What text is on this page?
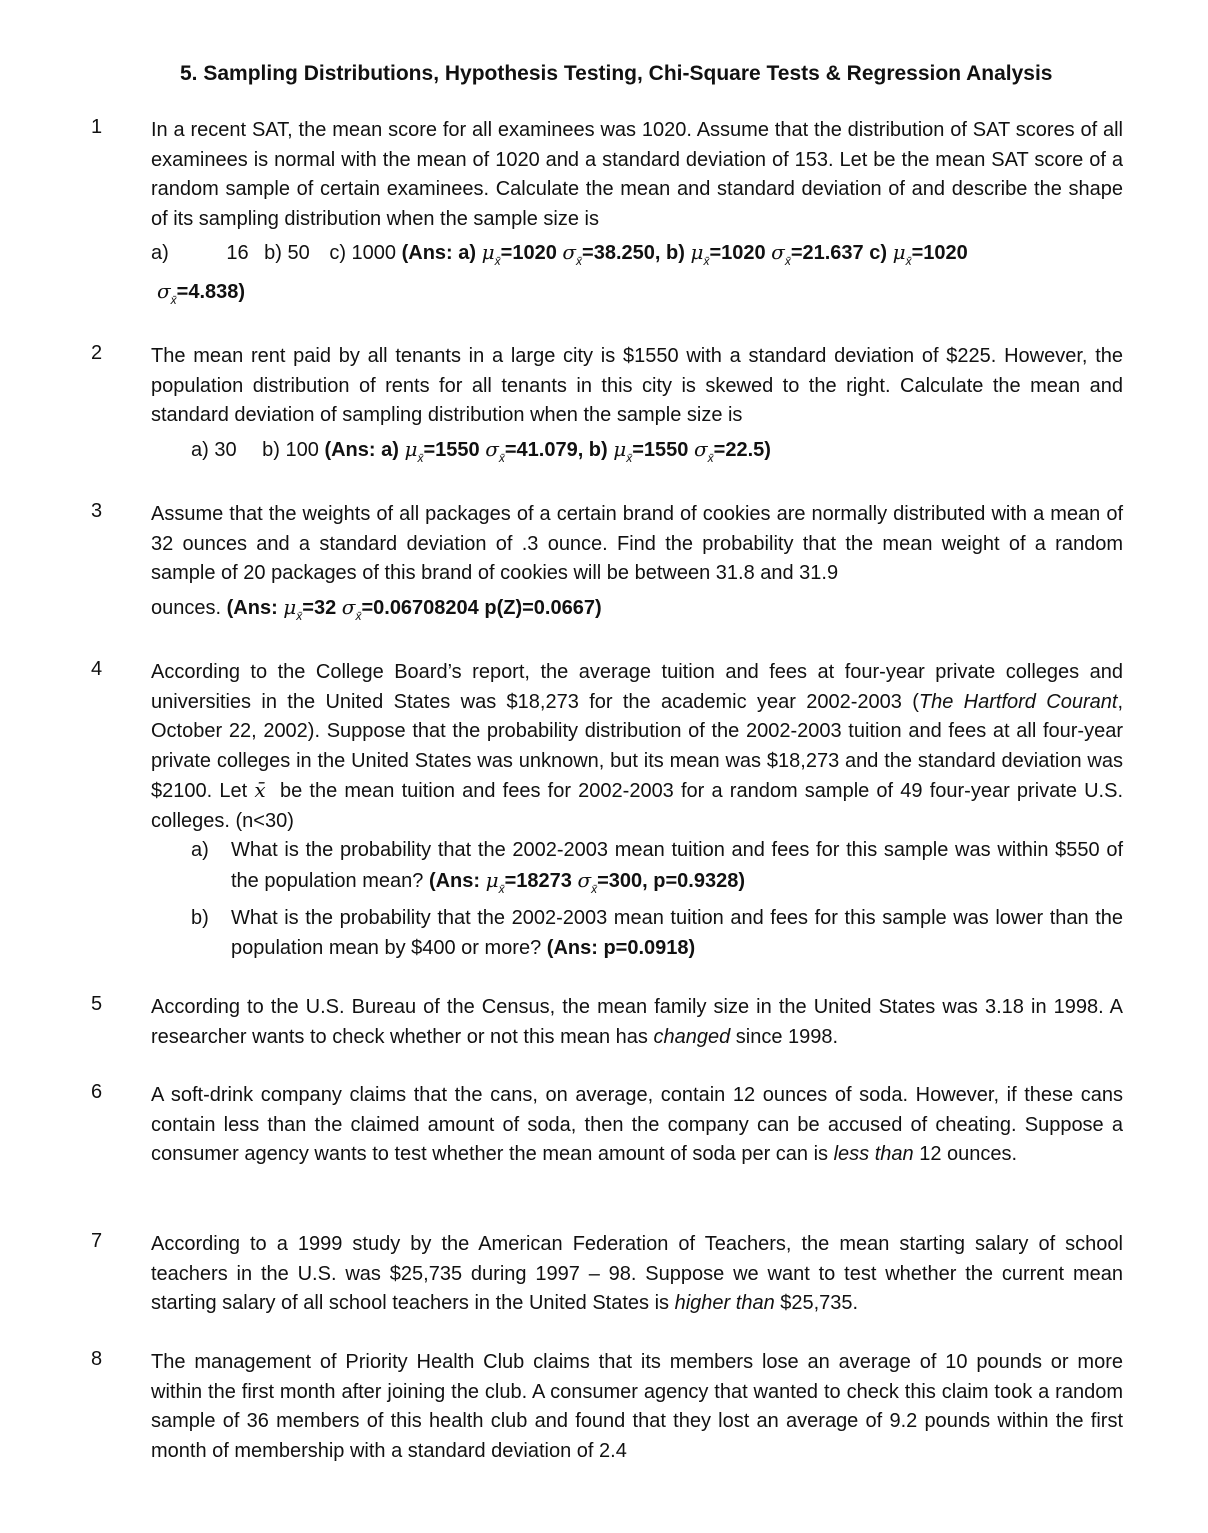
5. Sampling Distributions, Hypothesis Testing, Chi-Square Tests & Regression Analysis
1 In a recent SAT, the mean score for all examinees was 1020. Assume that the distribution of SAT scores of all examinees is normal with the mean of 1020 and a standard deviation of 153. Let be the mean SAT score of a random sample of certain examinees. Calculate the mean and standard deviation of and describe the shape of its sampling distribution when the sample size is

a)	16 b) 50 c) 1000 (Ans: a) $\mu_{x̄}=1020$ $\sigma_{x̄}=38.250$, b) $\mu_{x̄}=1020$ $\sigma_{x̄}=21.637$ c) $\mu_{x̄}=1020$
$\sigma_{x̄}=4.838$)
2 The mean rent paid by all tenants in a large city is $1550 with a standard deviation of $225. However, the population distribution of rents for all tenants in this city is skewed to the right. Calculate the mean and standard deviation of sampling distribution when the sample size is

a) 30 b) 100 (Ans: a) $\mu_{x̄}=1550$ $\sigma_{x̄}=41.079$, b) $\mu_{x̄}=1550$ $\sigma_{x̄}=22.5$)
3 Assume that the weights of all packages of a certain brand of cookies are normally distributed with a mean of 32 ounces and a standard deviation of .3 ounce. Find the probability that the mean weight of a random sample of 20 packages of this brand of cookies will be between 31.8 and 31.9

ounces. (Ans: $\mu_{x̄}=32$ $\sigma_{x̄}=0.06708204$ p(Z)=0.0667)
4 According to the College Board’s report, the average tuition and fees at four-year private colleges and universities in the United States was $18,273 for the academic year 2002-2003 (The Hartford Courant, October 22, 2002). Suppose that the probability distribution of the 2002-2003 tuition and fees at all four-year private colleges in the United States was unknown, but its mean was $18,273 and the standard deviation was $2100. Let x̄ be the mean tuition and fees for 2002-2003 for a random sample of 49 four-year private U.S. colleges. (n<30)

a)	What is the probability that the 2002-2003 mean tuition and fees for this sample was within $550 of the population mean? (Ans: $\mu_{x̄}=18273$ $\sigma_{x̄}=300$, p=0.9328)
b)	What is the probability that the 2002-2003 mean tuition and fees for this sample was lower than the population mean by $400 or more? (Ans: p=0.0918)
5 According to the U.S. Bureau of the Census, the mean family size in the United States was 3.18 in 1998. A researcher wants to check whether or not this mean has changed since 1998.

6 A soft-drink company claims that the cans, on average, contain 12 ounces of soda. However, if these cans contain less than the claimed amount of soda, then the company can be accused of cheating. Suppose a consumer agency wants to test whether the mean amount of soda per can is less than 12 ounces.

7 According to a 1999 study by the American Federation of Teachers, the mean starting salary of school teachers in the U.S. was $25,735 during 1997 – 98. Suppose we want to test whether the current mean starting salary of all school teachers in the United States is higher than $25,735.

8 The management of Priority Health Club claims that its members lose an average of 10 pounds or more within the first month after joining the club. A consumer agency that wanted to check this claim took a random sample of 36 members of this health club and found that they lost an average of 9.2 pounds within the first month of membership with a standard deviation of 2.4
